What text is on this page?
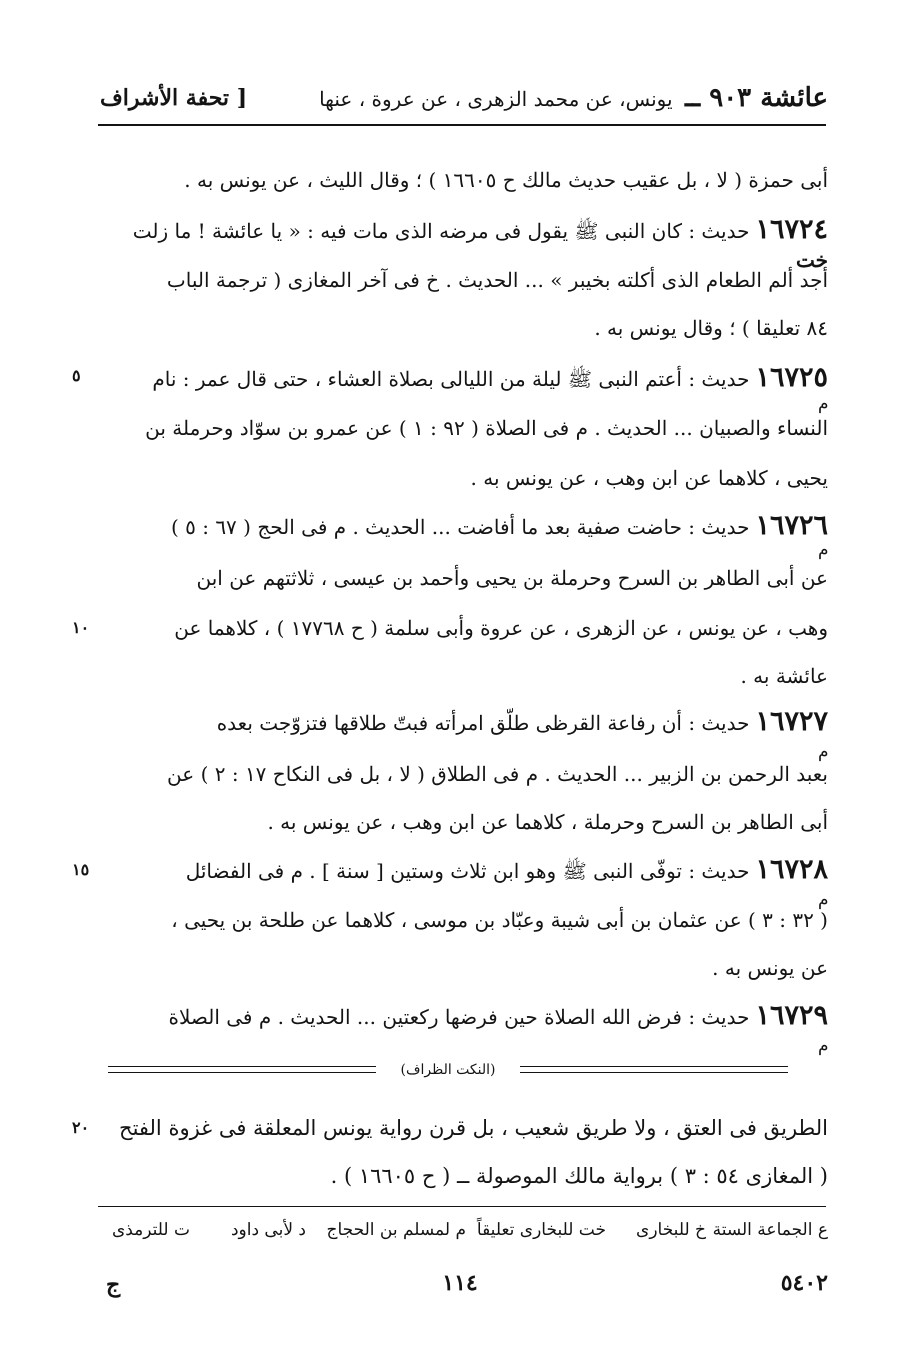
عائشة ٩٠٣ ــ يونس، عن محمد الزهرى ، عن عروة ، عنها
[ تحفة الأشراف
أبى حمزة ( لا ، بل عقيب حديث مالك ح ١٦٦٠٥ ) ؛ وقال الليث ، عن يونس به .
١٦٧٢٤حديث : كان النبى ﷺ يقول فى مرضه الذى مات فيه : « يا عائشة ! ما زلت
خت
أجد ألم الطعام الذى أكلته بخيبر » ... الحديث . خ فى آخر المغازى ( ترجمة الباب
٨٤ تعليقا ) ؛ وقال يونس به .
١٦٧٢٥حديث : أعتم النبى ﷺ ليلة من الليالى بصلاة العشاء ، حتى قال عمر : نام
٥
م
النساء والصبيان ... الحديث . م فى الصلاة ( ٩٢ : ١ ) عن عمرو بن سوّاد وحرملة بن
يحيى ، كلاهما عن ابن وهب ، عن يونس به .
١٦٧٢٦حديث : حاضت صفية بعد ما أفاضت ... الحديث . م فى الحج ( ٦٧ : ٥ )
م
عن أبى الطاهر بن السرح وحرملة بن يحيى وأحمد بن عيسى ، ثلاثتهم عن ابن
وهب ، عن يونس ، عن الزهرى ، عن عروة وأبى سلمة ( ح ١٧٧٦٨ ) ، كلاهما عن
١٠
عائشة به .
١٦٧٢٧حديث : أن رفاعة القرظى طلّق امرأته فبتّ طلاقها فتزوّجت بعده
م
بعبد الرحمن بن الزبير ... الحديث . م فى الطلاق ( لا ، بل فى النكاح ١٧ : ٢ ) عن
أبى الطاهر بن السرح وحرملة ، كلاهما عن ابن وهب ، عن يونس به .
١٦٧٢٨حديث : توفّى النبى ﷺ وهو ابن ثلاث وستين [ سنة ] . م فى الفضائل
١٥
م
( ٣٢ : ٣ ) عن عثمان بن أبى شيبة وعبّاد بن موسى ، كلاهما عن طلحة بن يحيى ،
عن يونس به .
١٦٧٢٩حديث : فرض الله الصلاة حين فرضها ركعتين ... الحديث . م فى الصلاة
م
(النكت الظراف)
الطريق فى العتق ، ولا طريق شعيب ، بل قرن رواية يونس المعلقة فى غزوة الفتح
٢٠
( المغازى ٥٤ : ٣ ) برواية مالك الموصولة ــ ( ح ١٦٦٠٥ ) .
ع الجماعة الستة
خ للبخارى
خت للبخارى تعليقاً
م لمسلم بن الحجاج
د لأبى داود
ت للترمذى
٥٤٠٢
١١٤
ج
